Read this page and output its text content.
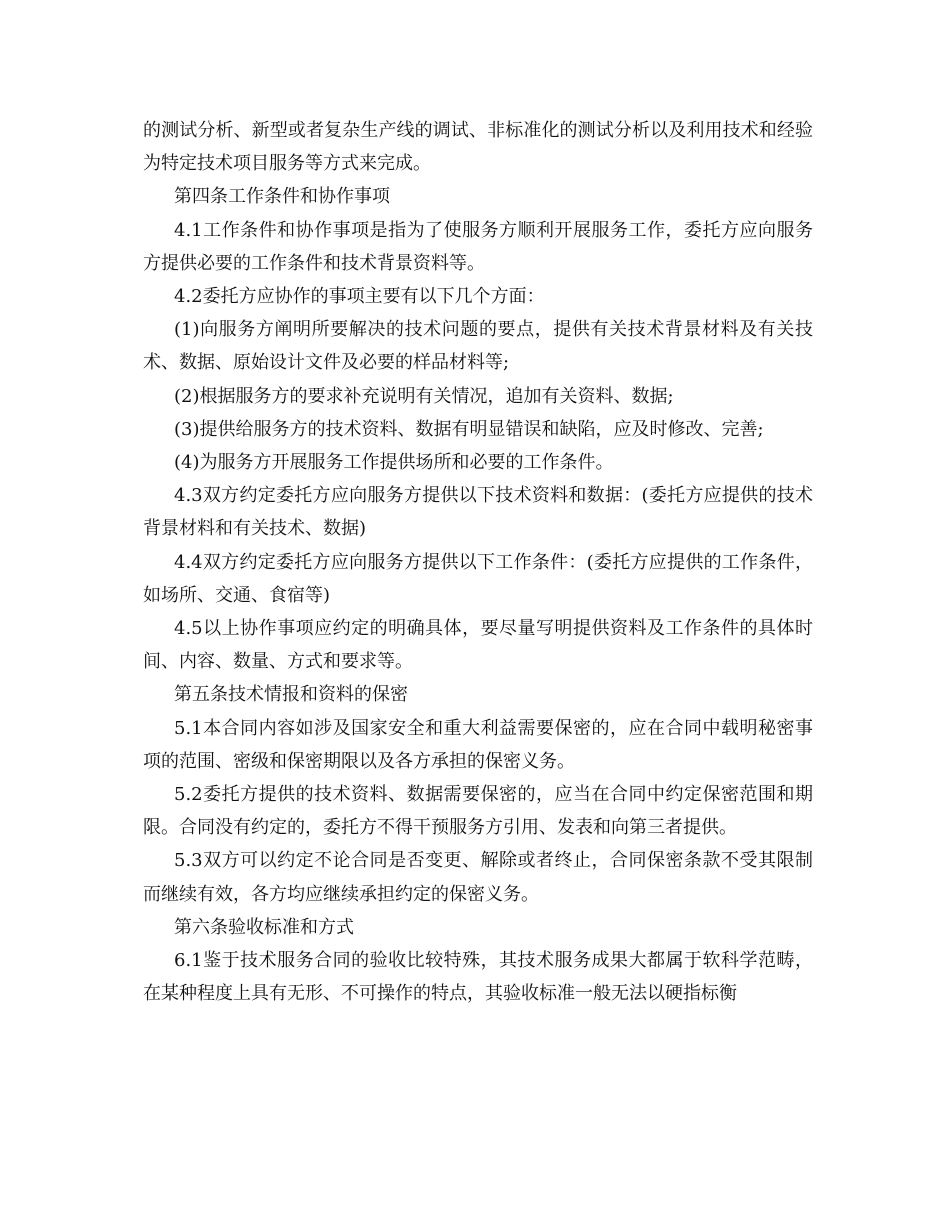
的测试分析、新型或者复杂生产线的调试、非标准化的测试分析以及利用技术和经验为特定技术项目服务等方式来完成。

第四条工作条件和协作事项

4.1工作条件和协作事项是指为了使服务方顺利开展服务工作，委托方应向服务方提供必要的工作条件和技术背景资料等。

4.2委托方应协作的事项主要有以下几个方面：

(1)向服务方阐明所要解决的技术问题的要点，提供有关技术背景材料及有关技术、数据、原始设计文件及必要的样品材料等;

(2)根据服务方的要求补充说明有关情况，追加有关资料、数据;

(3)提供给服务方的技术资料、数据有明显错误和缺陷，应及时修改、完善;

(4)为服务方开展服务工作提供场所和必要的工作条件。

4.3双方约定委托方应向服务方提供以下技术资料和数据：(委托方应提供的技术背景材料和有关技术、数据)

4.4双方约定委托方应向服务方提供以下工作条件：(委托方应提供的工作条件，如场所、交通、食宿等)

4.5以上协作事项应约定的明确具体，要尽量写明提供资料及工作条件的具体时间、内容、数量、方式和要求等。

第五条技术情报和资料的保密

5.1本合同内容如涉及国家安全和重大利益需要保密的，应在合同中载明秘密事项的范围、密级和保密期限以及各方承担的保密义务。

5.2委托方提供的技术资料、数据需要保密的，应当在合同中约定保密范围和期限。合同没有约定的，委托方不得干预服务方引用、发表和向第三者提供。

5.3双方可以约定不论合同是否变更、解除或者终止，合同保密条款不受其限制而继续有效，各方均应继续承担约定的保密义务。

第六条验收标准和方式

6.1鉴于技术服务合同的验收比较特殊，其技术服务成果大都属于软科学范畴，在某种程度上具有无形、不可操作的特点，其验收标准一般无法以硬指标衡
